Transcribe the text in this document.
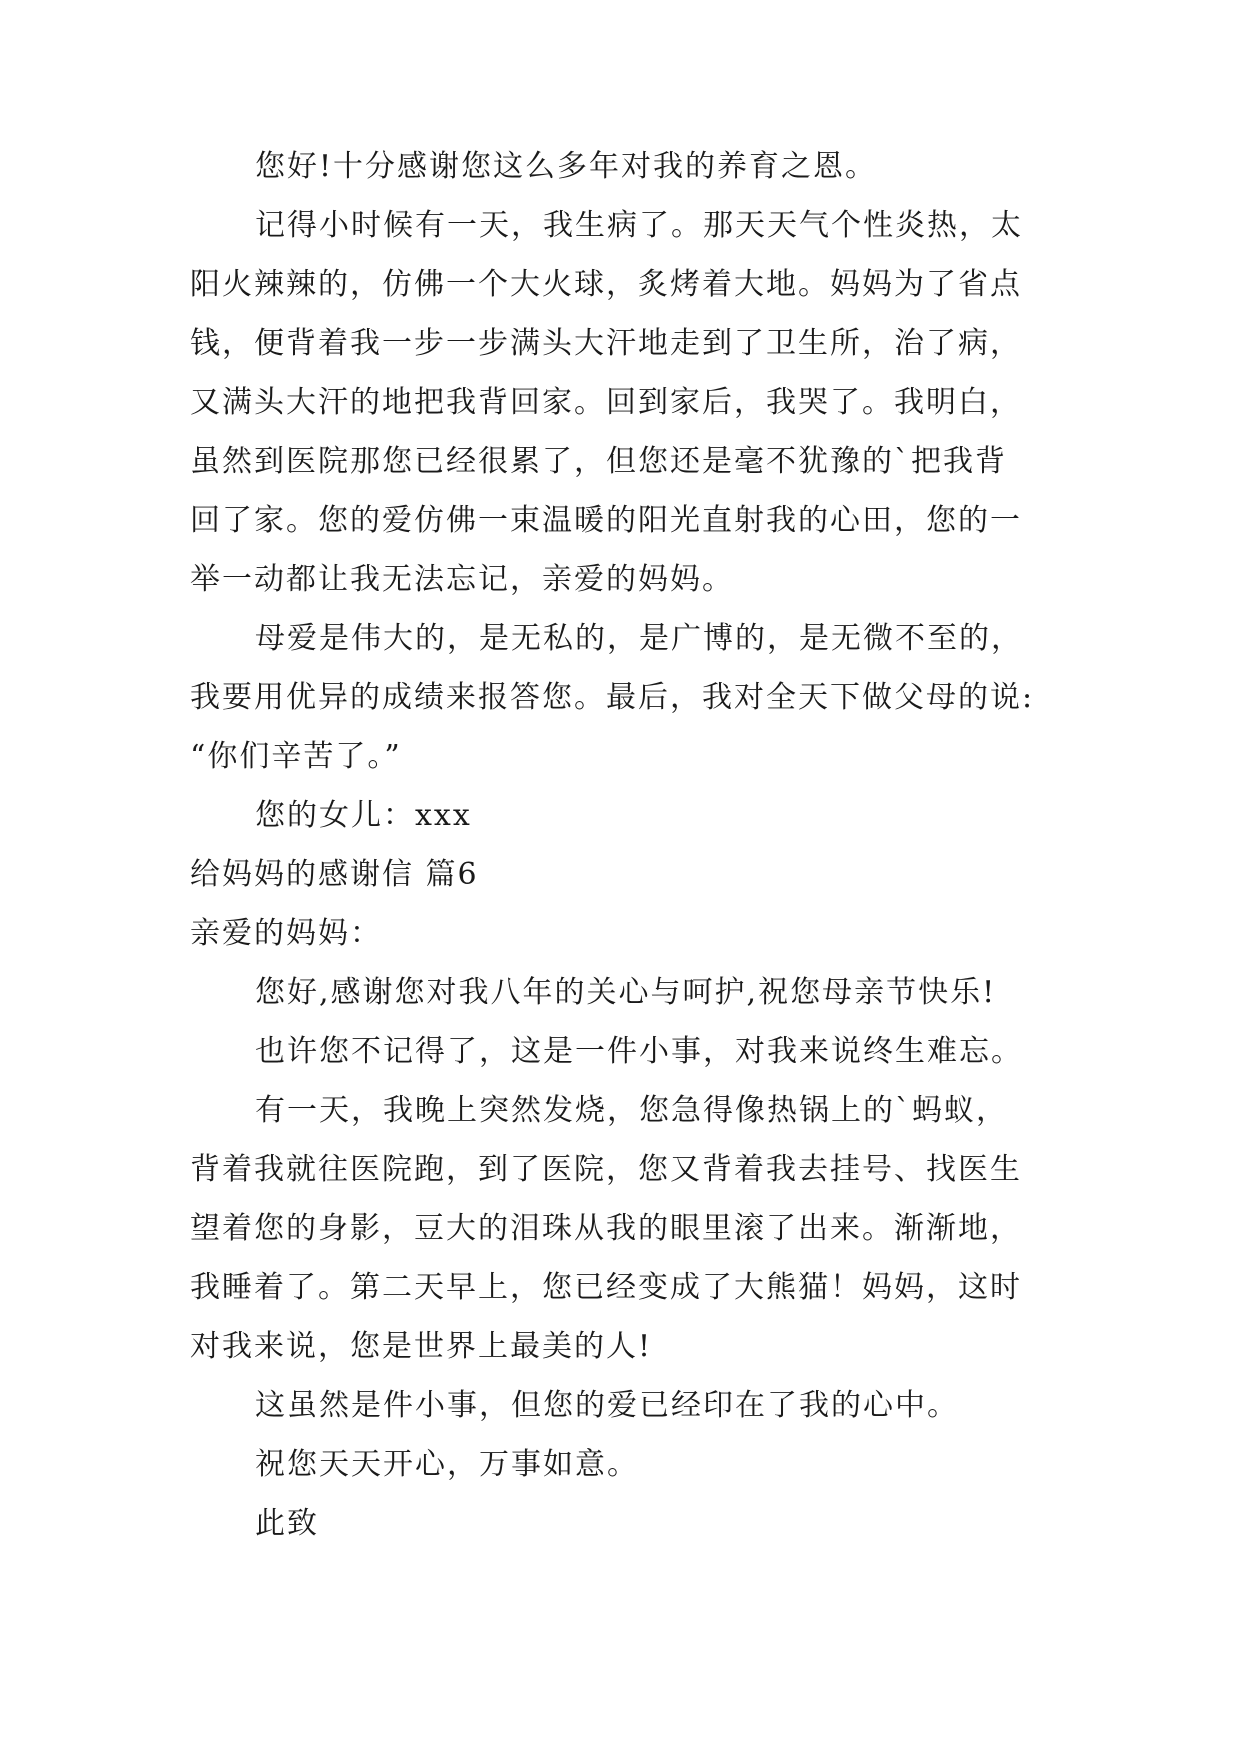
您好!十分感谢您这么多年对我的养育之恩。
记得小时候有一天，我生病了。那天天气个性炎热，太
阳火辣辣的，仿佛一个大火球，炙烤着大地。妈妈为了省点
钱，便背着我一步一步满头大汗地走到了卫生所，治了病，
又满头大汗的地把我背回家。回到家后，我哭了。我明白，
虽然到医院那您已经很累了，但您还是毫不犹豫的`把我背
回了家。您的爱仿佛一束温暖的阳光直射我的心田，您的一
举一动都让我无法忘记，亲爱的妈妈。
母爱是伟大的，是无私的，是广博的，是无微不至的，
我要用优异的成绩来报答您。最后，我对全天下做父母的说:
“你们辛苦了。”
您的女儿：xxx
给妈妈的感谢信 篇6
亲爱的妈妈：
您好,感谢您对我八年的关心与呵护,祝您母亲节快乐!
也许您不记得了，这是一件小事，对我来说终生难忘。
有一天，我晚上突然发烧，您急得像热锅上的`蚂蚁，
背着我就往医院跑，到了医院，您又背着我去挂号、找医生
望着您的身影，豆大的泪珠从我的眼里滚了出来。渐渐地，
我睡着了。第二天早上，您已经变成了大熊猫！妈妈，这时
对我来说，您是世界上最美的人!
这虽然是件小事，但您的爱已经印在了我的心中。
祝您天天开心，万事如意。
此致
